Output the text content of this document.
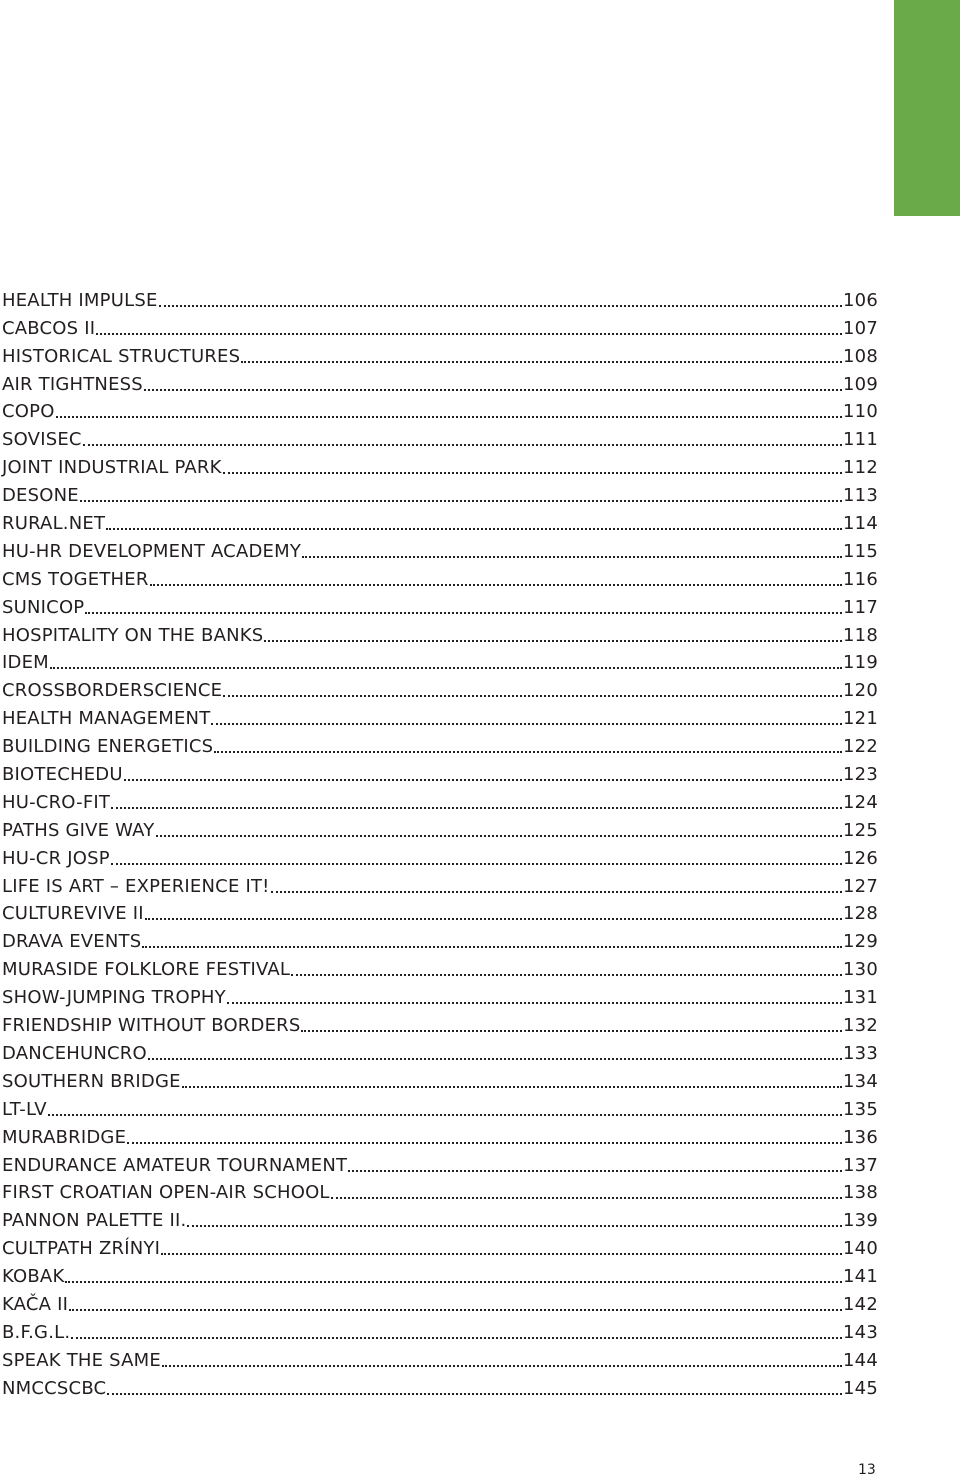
HEALTH IMPULSE	106
CABCOS II	107
HISTORICAL STRUCTURES	108
AIR TIGHTNESS	109
COPO	110
SOVISEC	111
JOINT INDUSTRIAL PARK	112
DESONE	113
RURAL.NET	114
HU-HR DEVELOPMENT ACADEMY	115
CMS TOGETHER	116
SUNICOP	117
HOSPITALITY ON THE BANKS	118
IDEM	119
CROSSBORDERSCIENCE	120
HEALTH MANAGEMENT	121
BUILDING ENERGETICS	122
BIOTECHEDU	123
HU-CRO-FIT	124
PATHS GIVE WAY	125
HU-CR JOSP	126
LIFE IS ART – EXPERIENCE IT!	127
CULTUREVIVE II	128
DRAVA EVENTS	129
MURASIDE FOLKLORE FESTIVAL	130
SHOW-JUMPING TROPHY	131
FRIENDSHIP WITHOUT BORDERS	132
DANCEHUNCRO	133
SOUTHERN BRIDGE	134
LT-LV	135
MURABRIDGE	136
ENDURANCE AMATEUR TOURNAMENT	137
FIRST CROATIAN OPEN-AIR SCHOOL	138
PANNON PALETTE II.	139
CULTPATH ZRÍNYI	140
KOBAK	141
KAČA II	142
B.F.G.L.	143
SPEAK THE SAME	144
NMCCSCBC	145
13
